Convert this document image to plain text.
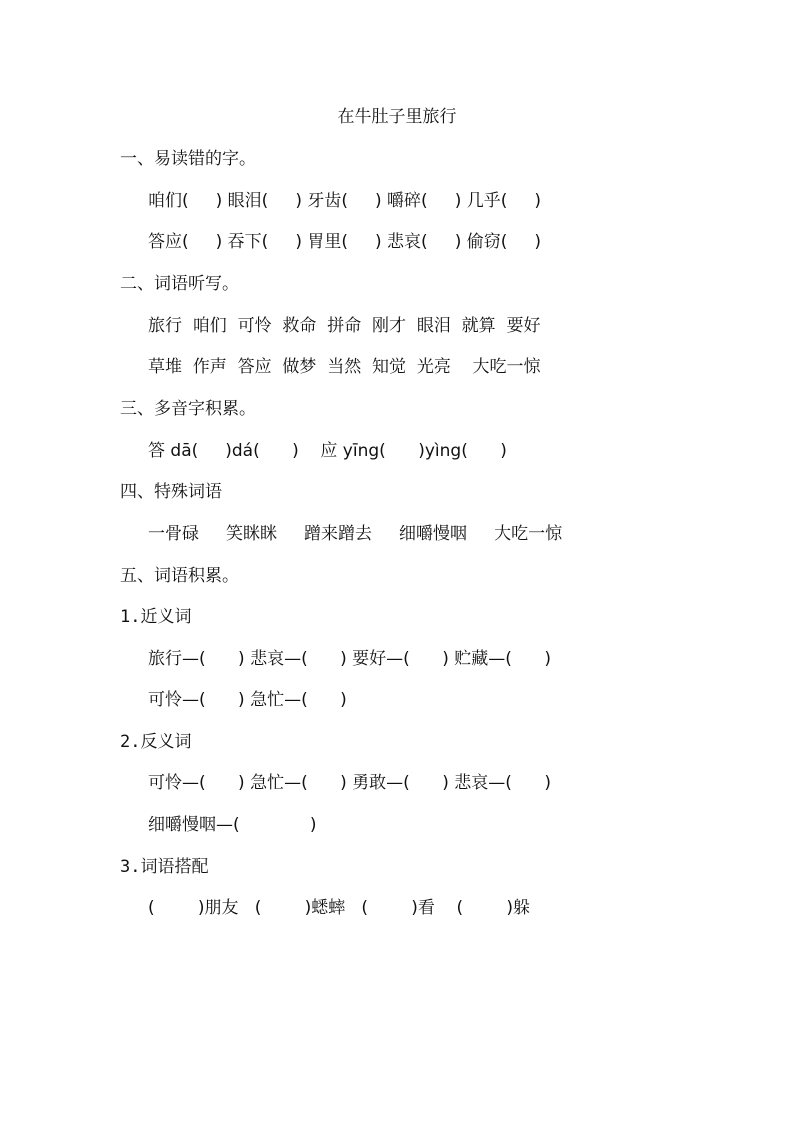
在牛肚子里旅行
一、易读错的字。
咱们(     ) 眼泪(     ) 牙齿(     ) 嚼碎(     ) 几乎(     )
答应(     ) 吞下(     ) 胃里(     ) 悲哀(     ) 偷窃(     )
二、词语听写。
旅行  咱们  可怜  救命  拼命  刚才  眼泪  就算  要好
草堆  作声  答应  做梦  当然  知觉  光亮    大吃一惊
三、多音字积累。
答 dā(     )dá(      )    应 yīng(      )yìng(      )
四、特殊词语
一骨碌     笑眯眯     蹭来蹭去     细嚼慢咽     大吃一惊
五、词语积累。
1.近义词
旅行—(      ) 悲哀—(      ) 要好—(      ) 贮藏—(      )
可怜—(      ) 急忙—(      )
2.反义词
可怜—(      ) 急忙—(      ) 勇敢—(      ) 悲哀—(      )
细嚼慢咽—(             )
3.词语搭配
(        )朋友   (        )蟋蟀   (        )看    (        )躲
